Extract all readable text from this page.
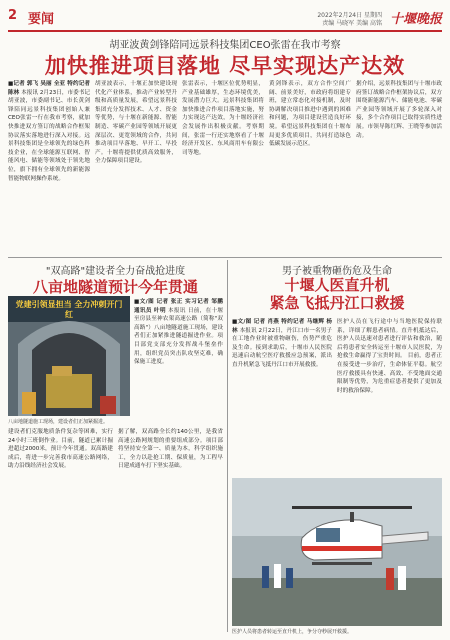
2 要闻	2022年2月24日 星期四
责编 马晓军 美编 高铭 十堰晚报
胡亚波黄剑锋陪同远景科技集团CEO张雷在我市考察
加快推进项目落地 尽早实现达产达效
■记者 郭飞 吴丽 全亚 特约记者 陈林 本报讯 2月23日，市委书记胡亚波，市委副书记、市长黄剑锋陪同远景科技集团创始人兼CEO张雷一行在我市考察，就加快推进双方签订的战略合作框架协议落实落地进行深入对接。远景科技集团是全球领先的绿色科技企业，在全球能源互联网、智能风电、储能等领域处于领先地位，旗下拥有全球领先的新能源智能物联网操作系统。
胡亚波表示，十堰正加快建设现代化产业体系，推动产业转型升级和高质量发展，希望远景科技集团充分发挥技术、人才、资金等优势，与十堰在新能源、智能制造、零碳产业园等领域开展更深层次、更宽领域的合作，共同推动项目早落地、早开工、早投产。十堰将提供优质高效服务，全力保障项目建设。
张雷表示，十堰区位优势明显，产业基础雄厚，生态环境优美，发展潜力巨大。远景科技集团将加快推进合作项目落地实施，努力实现达产达效，为十堰经济社会发展作出积极贡献。考察期间，张雷一行还实地察看了十堰经济开发区、东风商用车有限公司等地。
黄剑锋表示，双方合作空间广阔、前景美好，市政府将组建专班，建立常态化对接机制，及时协调解决项目推进中遇到的困难和问题，为项目建设营造良好环境。希望远景科技集团在十堰布局更多优质项目，共同打造绿色低碳发展示范区。
据介绍，远景科技集团与十堰市政府签订战略合作框架协议后，双方围绕新能源汽车、储能电池、零碳产业园等领域开展了多轮深入对接，多个合作项目已取得实质性进展。市领导陈红辉、王晓等参加活动。
"双高路"建设者全力奋战抢进度
八亩地隧道预计今年贯通
党建引领显担当 全力冲刺开门红
八亩地隧道施工现场，建设者们正加紧掘进。
■文/图 记者 张正 实习记者 邹鹏 通讯员 叶明 本报讯 日前，在十堰至房县至神农架高速公路（简称"双高路"）八亩地隧道施工现场，建设者们正加紧推进隧道掘进作业。项目部党支部充分发挥战斗堡垒作用，组织党员突击队攻坚克难，确保施工进度。
建设者们克服地质条件复杂等困难，实行24小时三班倒作业。目前，隧道已累计掘进超过2000米，预计今年贯通。双高路建成后，将进一步完善我市高速公路网络，助力沿线经济社会发展。
据了解，双高路全长约140公里，是我省高速公路网规划的重要组成部分。项目部将坚持安全第一、质量为本，科学组织施工，全力以赴抢工期、保质量，为工程早日建成通车打下坚实基础。
男子被重物砸伤危及生命
十堰人医直升机
紧急飞抵丹江口救援
■文/图 记者 肖燕 特约记者 马继辉 杨林 本报讯 2月22日，丹江口市一名男子在工地作业时被重物砸伤，伤势严重危及生命。接到求助后，十堰市人民医院迅速启动航空医疗救援应急预案，派出直升机紧急飞抵丹江口市开展救援。
医护人员在飞行途中与当地医院保持联系，详细了解患者病情。直升机抵达后，医护人员迅速对患者进行评估和救治，随后将患者安全转运至十堰市人民医院，为抢救生命赢得了宝贵时间。 目前，患者正在接受进一步治疗，生命体征平稳。航空医疗救援具有快速、高效、不受地面交通限制等优势，为危重症患者提供了更加及时的救治保障。
医护人员将患者转运至直升机上，争分夺秒展开救援。
